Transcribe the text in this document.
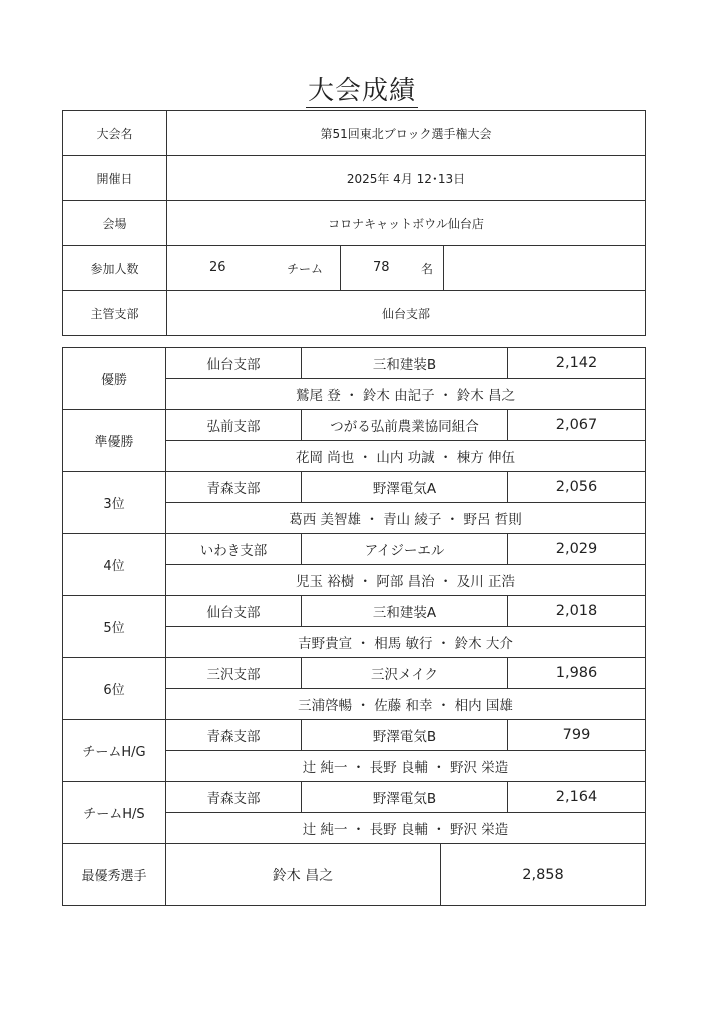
大会成績
大会名	第51回東北ブロック選手権大会
開催日	2025年 4月 12･13日
会場	コロナキャットボウル仙台店
参加人数	26 チーム 78 名

主管支部	仙台支部
優勝	仙台支部	三和建装B	2,142
	鷲尾 登 ・ 鈴木 由記子 ・ 鈴木 昌之		
準優勝	弘前支部	つがる弘前農業協同組合	2,067
	花岡 尚也 ・ 山内 功誠 ・ 棟方 伸伍		
3位	青森支部	野澤電気A	2,056
	葛西 美智雄 ・ 青山 綾子 ・ 野呂 哲則		
4位	いわき支部	アイジーエル	2,029
	児玉 裕樹 ・ 阿部 昌治 ・ 及川 正浩		
5位	仙台支部	三和建装A	2,018
	吉野貴宣 ・ 相馬 敏行 ・ 鈴木 大介		
6位	三沢支部	三沢メイク	1,986
	三浦啓暢 ・ 佐藤 和幸 ・ 相内 国雄		
チームH/G	青森支部	野澤電気B	799
	辻 純一 ・ 長野 良輔 ・ 野沢 栄造		
チームH/S	青森支部	野澤電気B	2,164
	辻 純一 ・ 長野 良輔 ・ 野沢 栄造		
最優秀選手	鈴木 昌之 2,858		
